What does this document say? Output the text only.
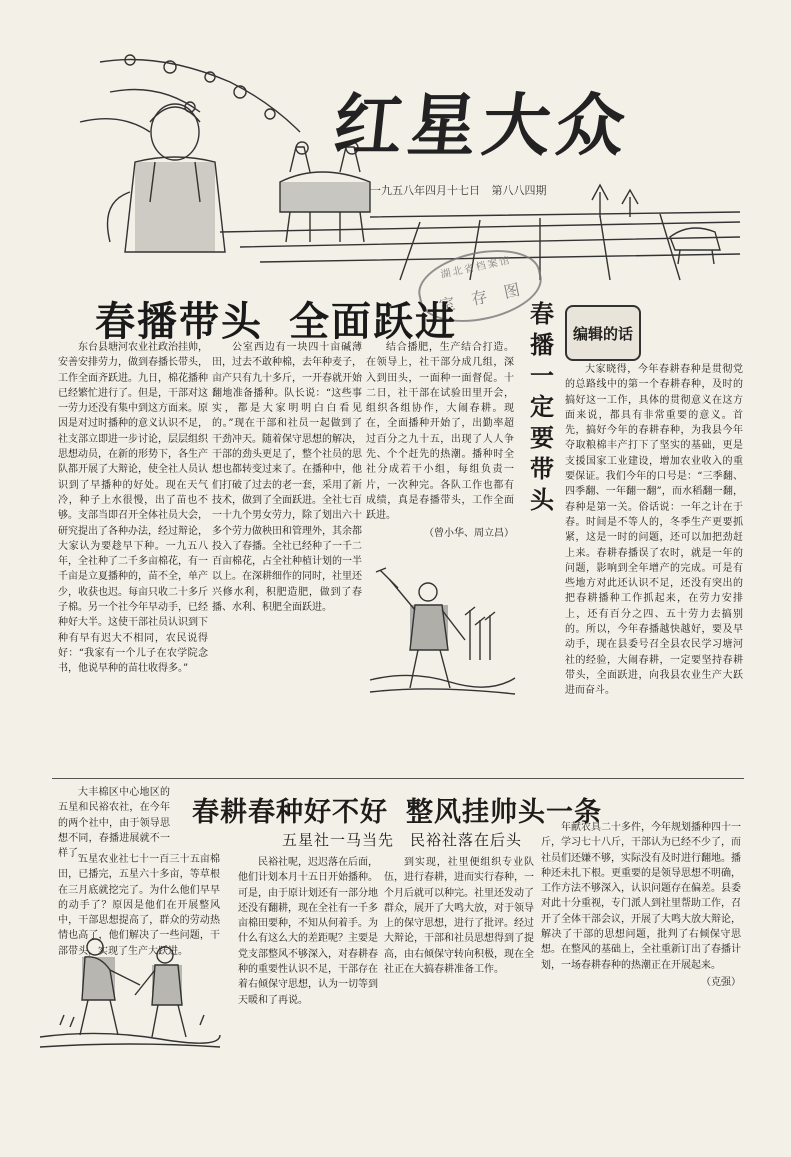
红星大众
一九五八年四月十七日 第八八四期
湖北省档案馆
室 存 图
春播带头 全面跃进	春播一定要带头
编辑的话

东台县塘河农业社政治挂帅，安善安排劳力，做到春播长带头，工作全面齐跃进。九日，棉花播种已经繁忙进行了。但是，干部对这一劳力还没有集中到这方面来。原因是对过时播种的意义认识不足，社支部立即进一步讨论，层层组织思想动员，在新的形势下，各生产队都开展了大辩论，使全社人员认识到了早播种的好处。现在天气冷，种子上水很慢，出了苗也不够。支部当即召开全体社员大会，研究提出了各种办法，经过辩论，大家认为要趁早下种。一九五八年，全社种了二千多亩棉花，有一千亩是立夏播种的，苗不全，单产少，收获也迟。每亩只收二十多斤子棉。另一个社今年早动手，已经种好大半。这使干部社员认识到下种有早有迟大不相同，农民说得好：“我家有一个儿子在农学院念书，他说早种的苗壮收得多。”

公室西边有一块四十亩碱薄田，过去不敢种棉，去年种麦子，亩产只有九十多斤，一开春就开始翻地准备播种。队长说：“这些事实，都是大家明明白白看见的。”现在干部和社员一起做到了干劲冲天。随着保守思想的解决，干部的劲头更足了，整个社员的思想也都转变过来了。在播种中，他们打破了过去的老一套，采用了新技术，做到了全面跃进。全社七百一十九个男女劳力，除了划出六十多个劳力做秧田和管理外，其余都投入了春播。全社已经种了一千二百亩棉花，占全社种植计划的一半以上。在深耕细作的同时，社里还兴修水利，积肥造肥，做到了春播、水利、积肥全面跃进。

结合播肥，生产结合打造。在领导上，社干部分成几组，深入到田头，一面种一面督促。十二日，社干部在试验田里开会，组织各组协作，大闹春耕。现在，全面播种开始了，出勤率超过百分之九十五，出现了人人争先、个个赶先的热潮。播种时全社分成若干小组，每组负责一片，一次种完。各队工作也都有成绩，真是春播带头，工作全面跃进。

（曾小华、周立昌）

大家晓得，今年春耕春种是贯彻党的总路线中的第一个春耕春种，及时的搞好这一工作，具体的贯彻意义在这方面来说，都具有非常重要的意义。首先，搞好今年的春耕春种，为我县今年夺取粮棉丰产打下了坚实的基础，更是支援国家工业建设，增加农业收入的重要保证。我们今年的口号是：“三季翻、四季翻、一年翻一翻”，而水稻翻一翻，春种是第一关。俗话说：一年之计在于春。时间是不等人的，冬季生产更要抓紧，这是一时的问题，还可以加把劲赶上来。春耕春播误了农时，就是一年的问题，影响到全年增产的完成。可是有些地方对此还认识不足，还没有突出的把春耕播种工作抓起来，在劳力安排上，还有百分之四、五十劳力去搞别的。所以，今年春播越快越好，要及早动手，现在县委号召全县农民学习塘河社的经验，大闹春耕，一定要坚持春耕带头，全面跃进，向我县农业生产大跃进而奋斗。

春耕春种好不好 整风挂帅头一条
五星社一马当先 民裕社落在后头

大丰棉区中心地区的五星和民裕农社，在今年的两个社中，由于领导思想不同，春播进展就不一样了。

五星农业社七十一百三十五亩棉田，已播完，五星六十多亩，等草根在三月底就挖完了。为什么他们早早的动手了？原因是他们在开展整风中，干部思想提高了，群众的劳动热情也高了，他们解决了一些问题，干部带头，实现了生产大跃进。

民裕社呢，迟迟落在后面，他们计划本月十五日开始播种。可是，由于原计划还有一部分地还没有翻耕，现在全社有一千多亩棉田要种，不知从何着手。为什么有这么大的差距呢？主要是党支部整风不够深入，对春耕春种的重要性认识不足，干部存在着右倾保守思想，认为一切等到天暖和了再说。

到实现，社里便组织专业队伍，进行春耕，进而实行春种，一个月后就可以种完。社里还发动了群众，展开了大鸣大放，对于领导上的保守思想，进行了批评。经过大辩论，干部和社员思想得到了提高，由右倾保守转向积极，现在全社正在大搞春耕准备工作。

年献农具二十多件，今年规划播种四十一斤，学习七十八斤，干部认为已经不少了，而社员们还嫌不够，实际没有及时进行翻地。播种还未扎下根。更重要的是领导思想不明确，工作方法不够深入，认识问题存在偏差。县委对此十分重视，专门派人到社里帮助工作，召开了全体干部会议，开展了大鸣大放大辩论，解决了干部的思想问题，批判了右倾保守思想。在整风的基础上，全社重新订出了春播计划，一场春耕春种的热潮正在开展起来。

（克强）
